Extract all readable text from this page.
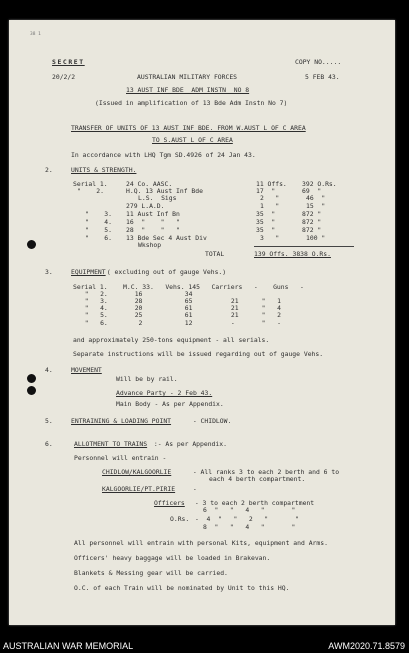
38 1
SECRET	COPY NO.....
20/2/2	AUSTRALIAN MILITARY FORCES	5 FEB 43.
13 AUST INF BDE  ADM INSTN  NO 8
(Issued in amplification of 13 Bde Adm Instn No 7)
TRANSFER OF UNITS OF 13 AUST INF BDE. FROM W.AUST L OF C AREA
TO S.AUST L OF C AREA
In accordance with LHQ Tgm SD.4926 of 24 Jan 43.
2.	UNITS & STRENGTH.
Serial 1.	24 Co. AASC.	11 Offs. 392 O.Rs.
"    2.	H.Q. 13 Aust Inf Bde	17  "	69  "
L.S.  Sigs	2   "	46  "
279 L.A.D.	1   "	15  "
"    3. 11 Aust Inf Bn	35  "	872 "
"    4. 16  "    "   "	35  "	872 "
"    5. 28  "    "   "	35  "	872 "
"    6. 13 Bde Sec 4 Aust Div	3   "	100 "
Wkshop
TOTAL	139 Offs. 3838 O.Rs.
3.	EQUIPMENT
( excluding out of gauge Vehs.)
Serial 1.    M.C. 33.   Vehs. 145   Carriers   -    Guns   -
"   2.       16           34
"   3.       28           65          21      "   1
"   4.       20           61          21      "   4
"   5.       25           61          21      "   2
"   6.        2           12          -       "   -
and approximately 250-tons equipment - all serials.
Separate instructions will be issued regarding out of gauge Vehs.
4.	MOVEMENT
Will be by rail.
Advance Party - 2 Feb 43.
Main Body - As per Appendix.
5.	ENTRAINING & LOADING POINT	- CHIDLOW.
6.	ALLOTMENT TO TRAINS :- As per Appendix.
Personnel will entrain -
CHIDLOW/KALGOORLIE	- All ranks 3 to each 2 berth and 6 to
each 4 berth compartment.
KALGOORLIE/PT.PIRIE -
Officers - 3 to each 2 berth compartment
6  "   "   4   "       "
O.Rs. -  4  "   "   2   "       "
8  "   "   4   "       "
All personnel will entrain with personal Kits, equipment and Arms.
Officers' heavy baggage will be loaded in Brakevan.
Blankets & Messing gear will be carried.
O.C. of each Train will be nominated by Unit to this HQ.
AUSTRALIAN WAR MEMORIAL	AWM2020.71.8579
